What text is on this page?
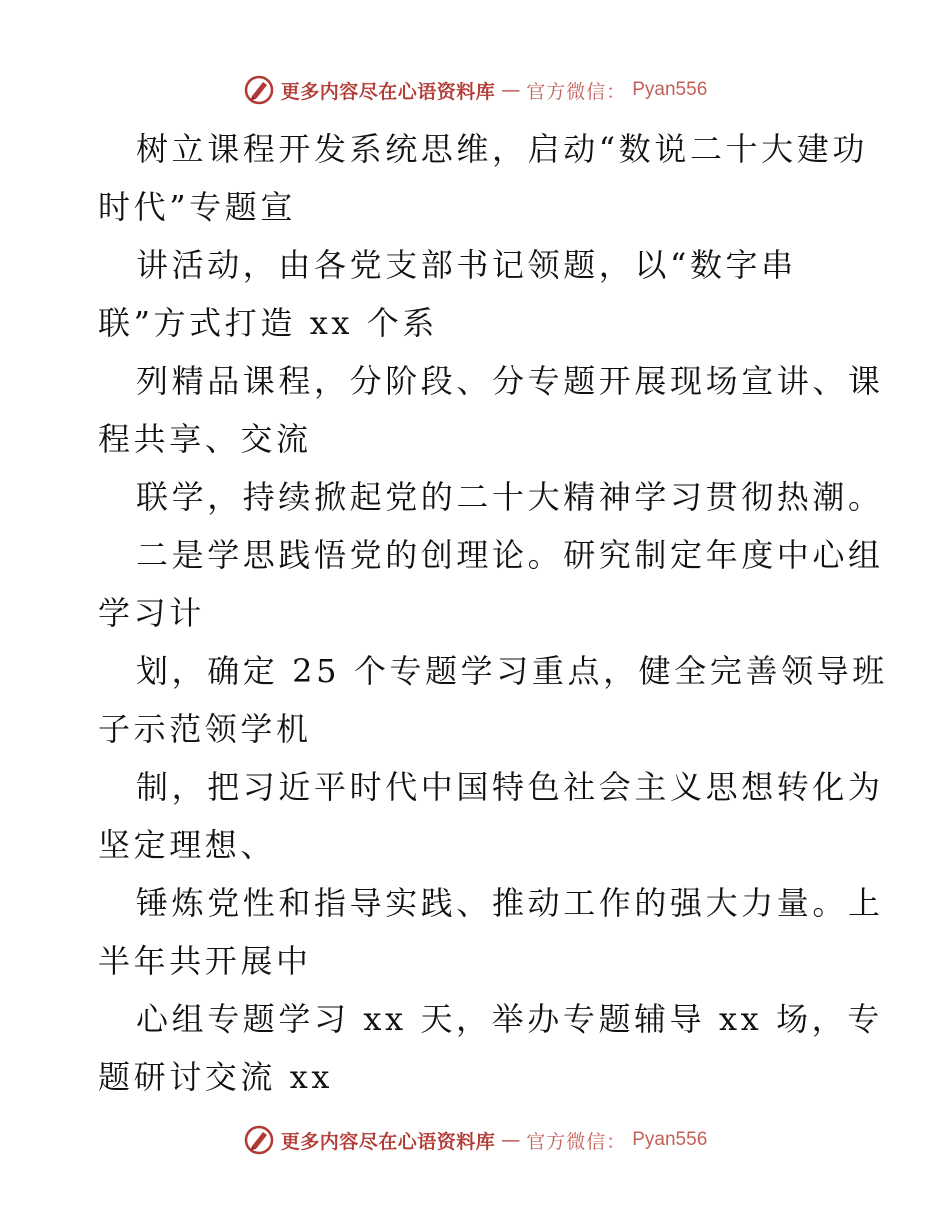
更多内容尽在心语资料库 — 官方微信： Pyan556
树立课程开发系统思维，启动“数说二十大建功
时代”专题宣
讲活动，由各党支部书记领题，以“数字串
联”方式打造 xx 个系
列精品课程，分阶段、分专题开展现场宣讲、课
程共享、交流
联学，持续掀起党的二十大精神学习贯彻热潮。
二是学思践悟党的创理论。研究制定年度中心组
学习计
划，确定 25 个专题学习重点，健全完善领导班
子示范领学机
制，把习近平时代中国特色社会主义思想转化为
坚定理想、
锤炼党性和指导实践、推动工作的强大力量。上
半年共开展中
心组专题学习 xx 天，举办专题辅导 xx 场，专
题研讨交流 xx
更多内容尽在心语资料库 — 官方微信： Pyan556
